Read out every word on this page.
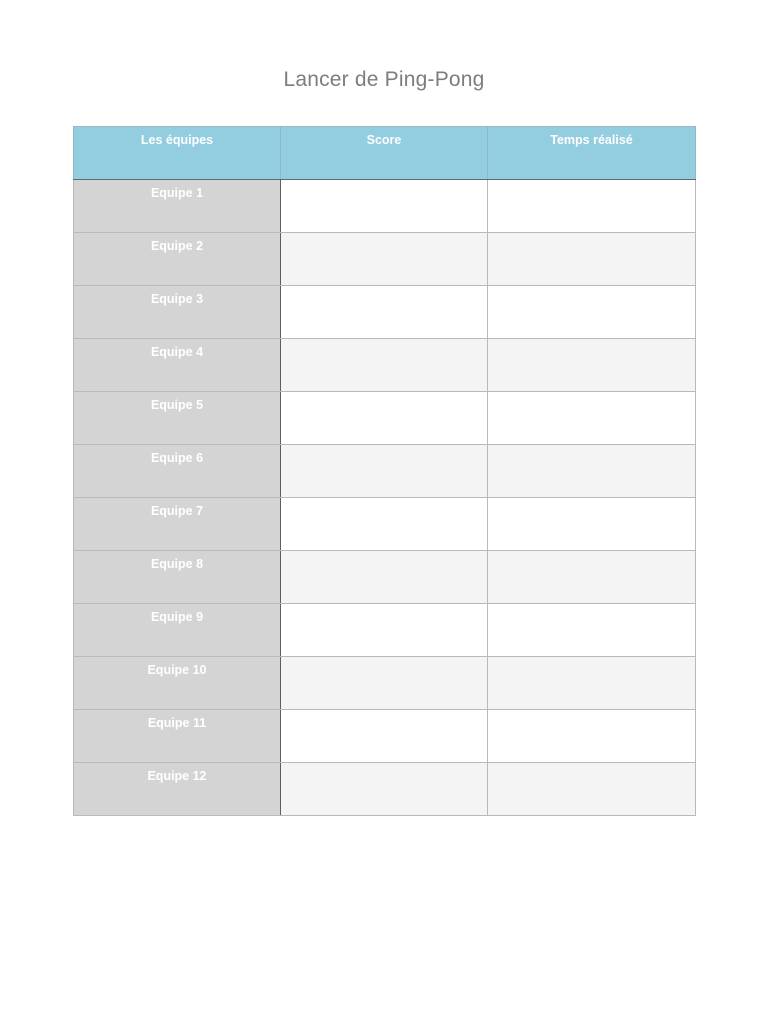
Lancer de Ping-Pong
Les équipes	Score	Temps réalisé
Equipe 1		
Equipe 2		
Equipe 3		
Equipe 4		
Equipe 5		
Equipe 6		
Equipe 7		
Equipe 8		
Equipe 9		
Equipe 10		
Equipe 11		
Equipe 12		
